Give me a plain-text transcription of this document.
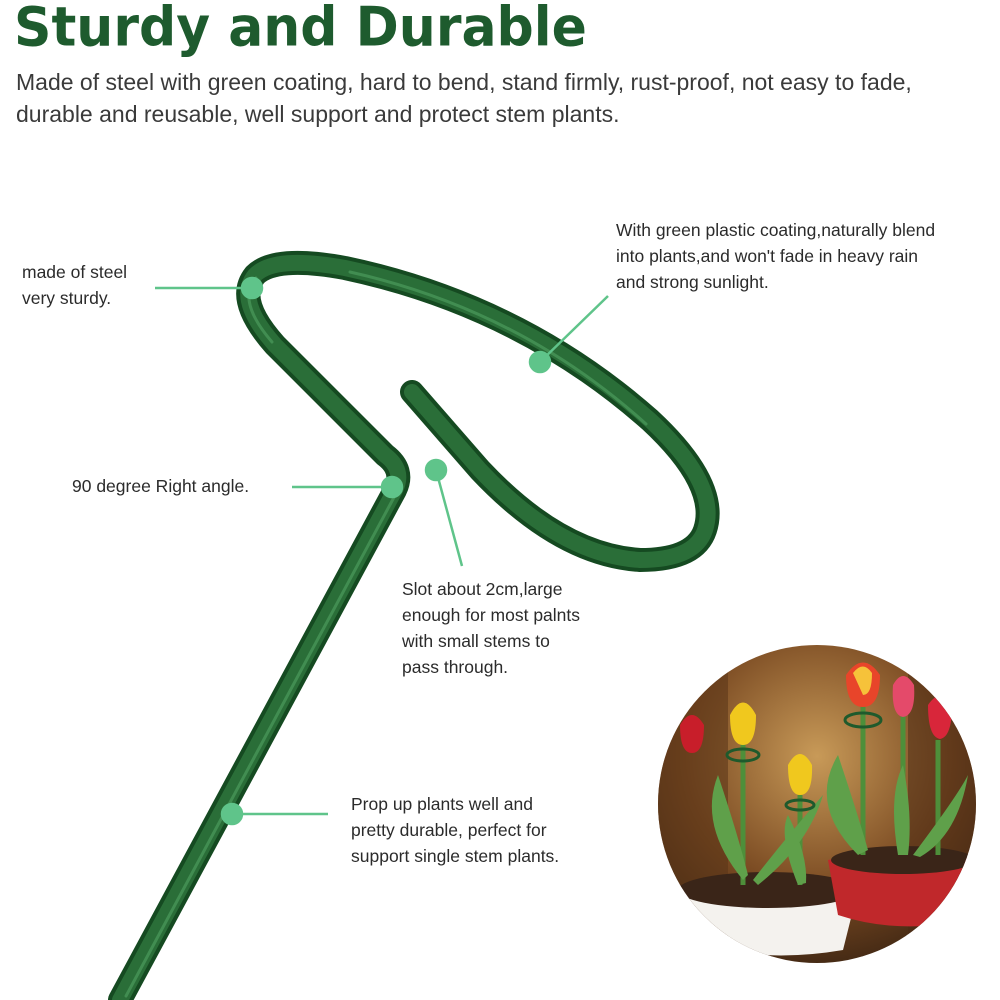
Sturdy and Durable
Made of steel with green coating, hard to bend, stand firmly, rust-proof, not easy to fade, durable and reusable, well support and protect stem plants.
made of steel
very sturdy.
With green plastic coating,naturally blend
into plants,and won't fade in heavy rain
and strong sunlight.
90 degree Right angle.
Slot about 2cm,large
enough for most palnts
with small stems to
pass through.
Prop up plants well and
pretty durable, perfect for
support single stem plants.
